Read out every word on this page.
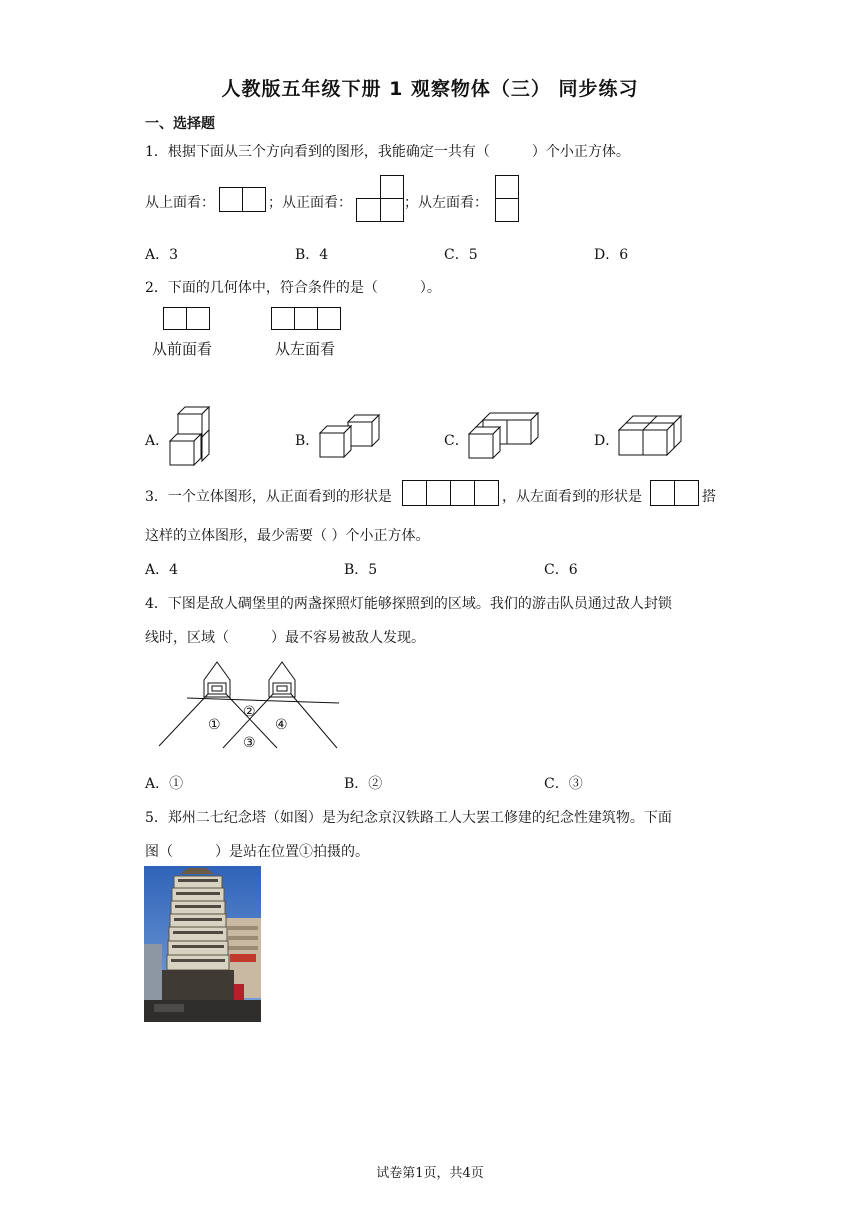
人教版五年级下册 1 观察物体（三） 同步练习
一、选择题
1．根据下面从三个方向看到的图形，我能确定一共有（　　　）个小正方体。
从上面看：	；从正面看：	；从左面看：
A．3	B．4	C．5	D．6
2．下面的几何体中，符合条件的是（　　　）。
从前面看	从左面看
A．	B．	C．	D．
3．一个立体图形，从正面看到的形状是	，从左面看到的形状是	搭
这样的立体图形，最少需要（ ）个小正方体。
A．4	B．5	C．6
4．下图是敌人碉堡里的两盏探照灯能够探照到的区域。我们的游击队员通过敌人封锁
线时，区域（　　　）最不容易被敌人发现。
①
②
③
④
A．①	B．②	C．③
5．郑州二七纪念塔（如图）是为纪念京汉铁路工人大罢工修建的纪念性建筑物。下面
图（　　　）是站在位置①拍摄的。
试卷第1页，共4页
